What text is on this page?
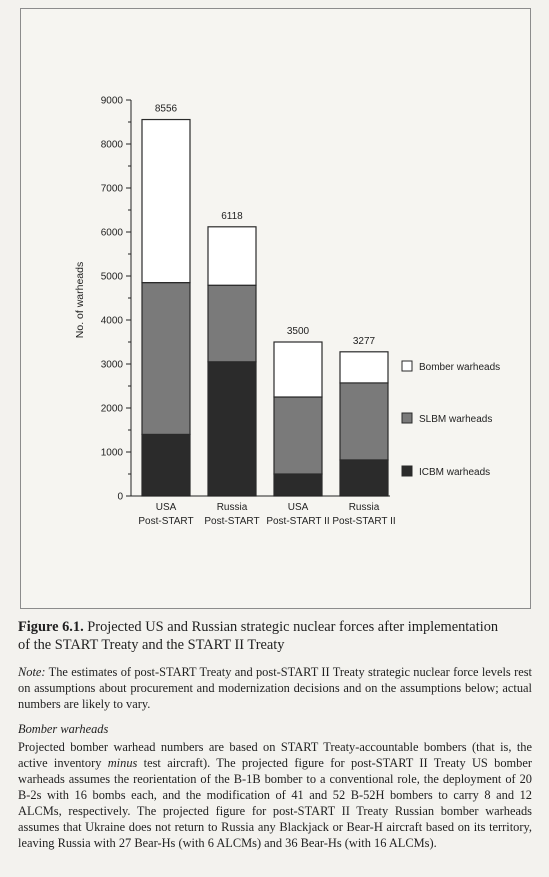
0
1000
2000
3000
4000
5000
6000
7000
8000
9000
No. of warheads
8556
USA
Post-START
6118
Russia
Post-START
3500
USA
Post-START II
3277
Russia
Post-START II
Bomber warheads
SLBM warheads
ICBM warheads
Figure 6.1. Projected US and Russian strategic nuclear forces after implementation
of the START Treaty and the START II Treaty
Note: The estimates of post-START Treaty and post-START II Treaty strategic nuclear force levels rest on assumptions about procurement and modernization decisions and on the assumptions below; actual numbers are likely to vary.
Bomber warheads
Projected bomber warhead numbers are based on START Treaty-accountable bombers (that is, the active inventory minus test aircraft). The projected figure for post-START II Treaty US bomber warheads assumes the reorientation of the B-1B bomber to a conventional role, the deployment of 20 B-2s with 16 bombs each, and the modification of 41 and 52 B-52H bombers to carry 8 and 12 ALCMs, respectively. The projected figure for post-START II Treaty Russian bomber warheads assumes that Ukraine does not return to Russia any Blackjack or Bear-H aircraft based on its territory, leaving Russia with 27 Bear-Hs (with 6 ALCMs) and 36 Bear-Hs (with 16 ALCMs).
